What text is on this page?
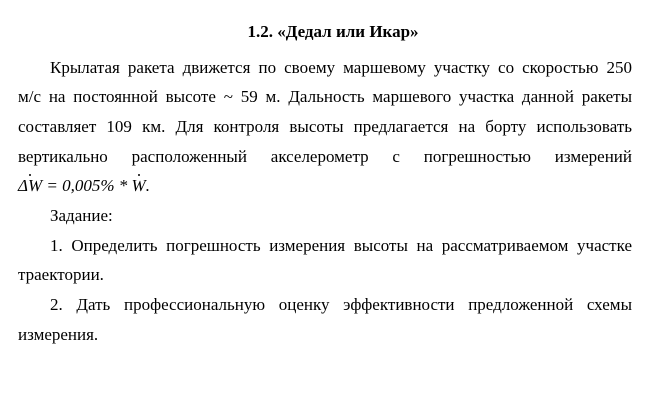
1.2. «Дедал или Икар»
Крылатая ракета движется по своему маршевому участку со скоростью 250
м/с на постоянной высоте ~ 59 м. Дальность маршевого участка данной ракеты
составляет 109 км. Для контроля высоты предлагается на борту использовать
вертикально расположенный акселерометр с погрешностью измерений
ΔW = 0,005% * W.
Задание:
1. Определить погрешность измерения высоты на рассматриваемом участке
траектории.
2. Дать профессиональную оценку эффективности предложенной схемы
измерения.
